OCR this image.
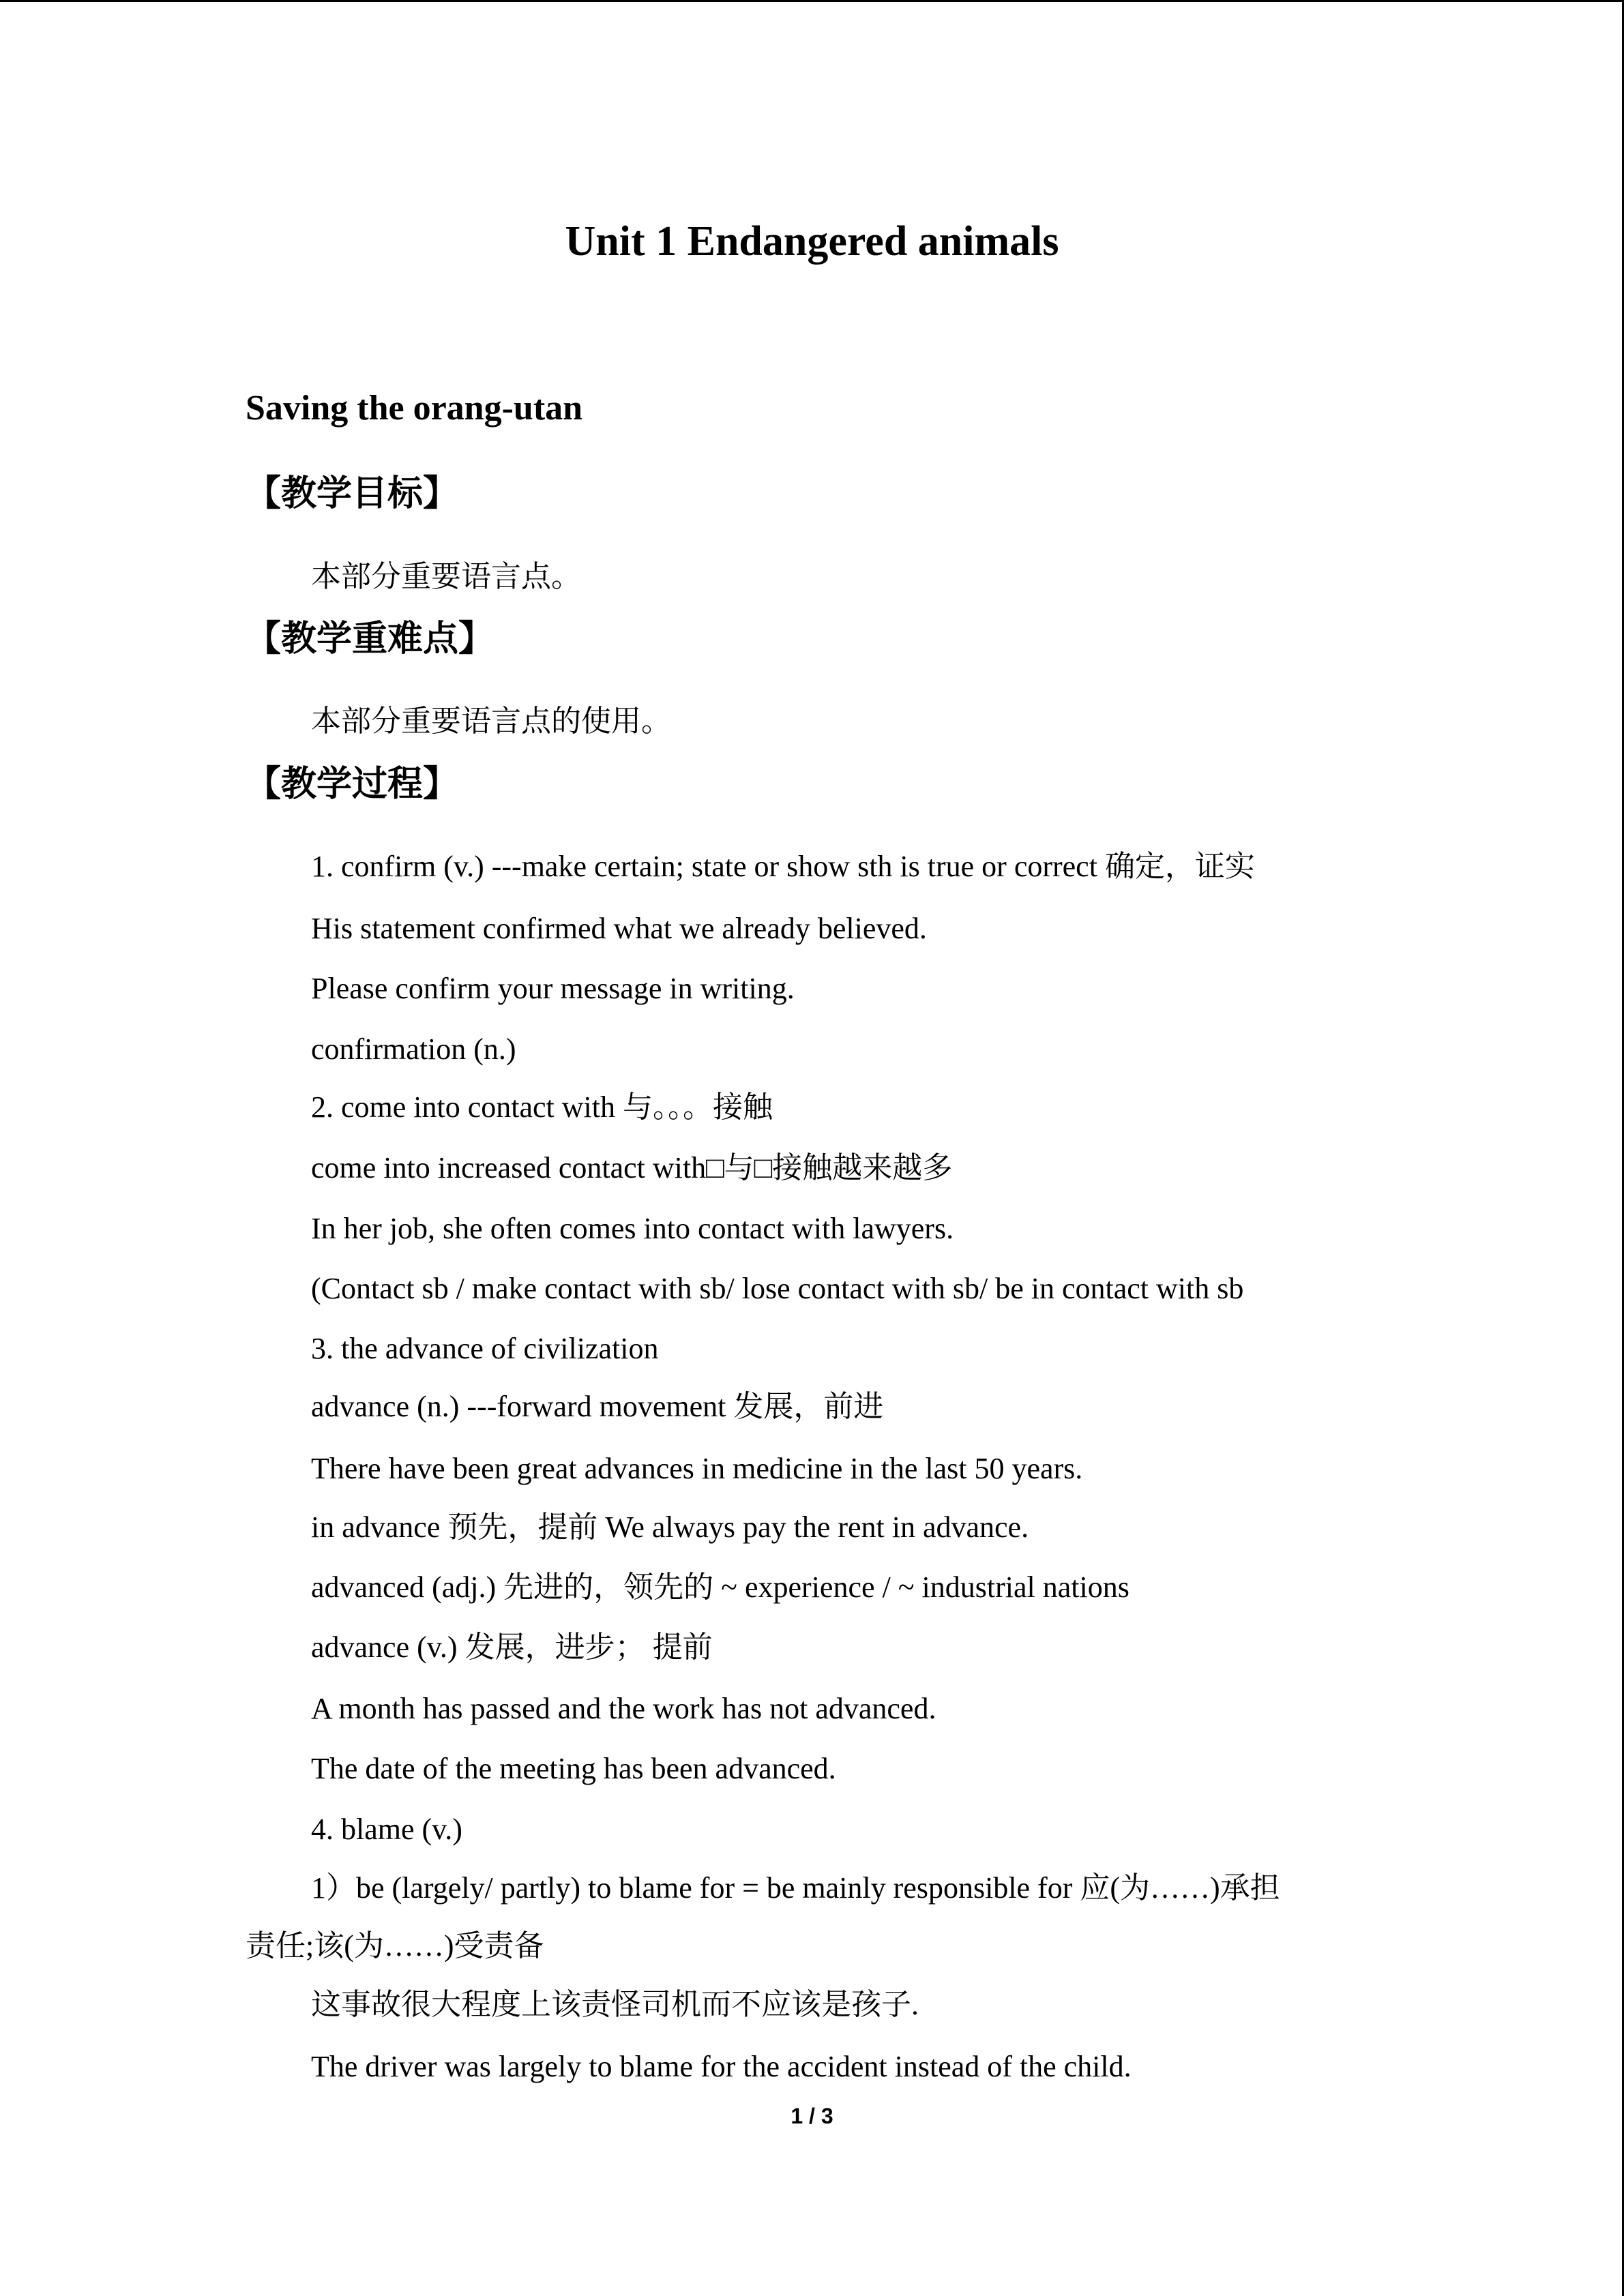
Unit 1 Endangered animals
Saving the orang-utan
【教学目标】
本部分重要语言点。
【教学重难点】
本部分重要语言点的使用。
【教学过程】
1. confirm (v.) ---make certain; state or show sth is true or correct 确定，证实
His statement confirmed what we already believed.
Please confirm your message in writing.
confirmation (n.)
2. come into contact with 与。。。接触
come into increased contact with□与□接触越来越多
In her job, she often comes into contact with lawyers.
(Contact sb / make contact with sb/ lose contact with sb/ be in contact with sb
3. the advance of civilization
advance (n.) ---forward movement 发展，前进
There have been great advances in medicine in the last 50 years.
in advance 预先，提前 We always pay the rent in advance.
advanced (adj.) 先进的，领先的 ~ experience / ~ industrial nations
advance (v.) 发展，进步； 提前
A month has passed and the work has not advanced.
The date of the meeting has been advanced.
4. blame (v.)
1）be (largely/ partly) to blame for = be mainly responsible for 应(为……)承担
责任;该(为……)受责备
这事故很大程度上该责怪司机而不应该是孩子.
The driver was largely to blame for the accident instead of the child.
1 / 3
